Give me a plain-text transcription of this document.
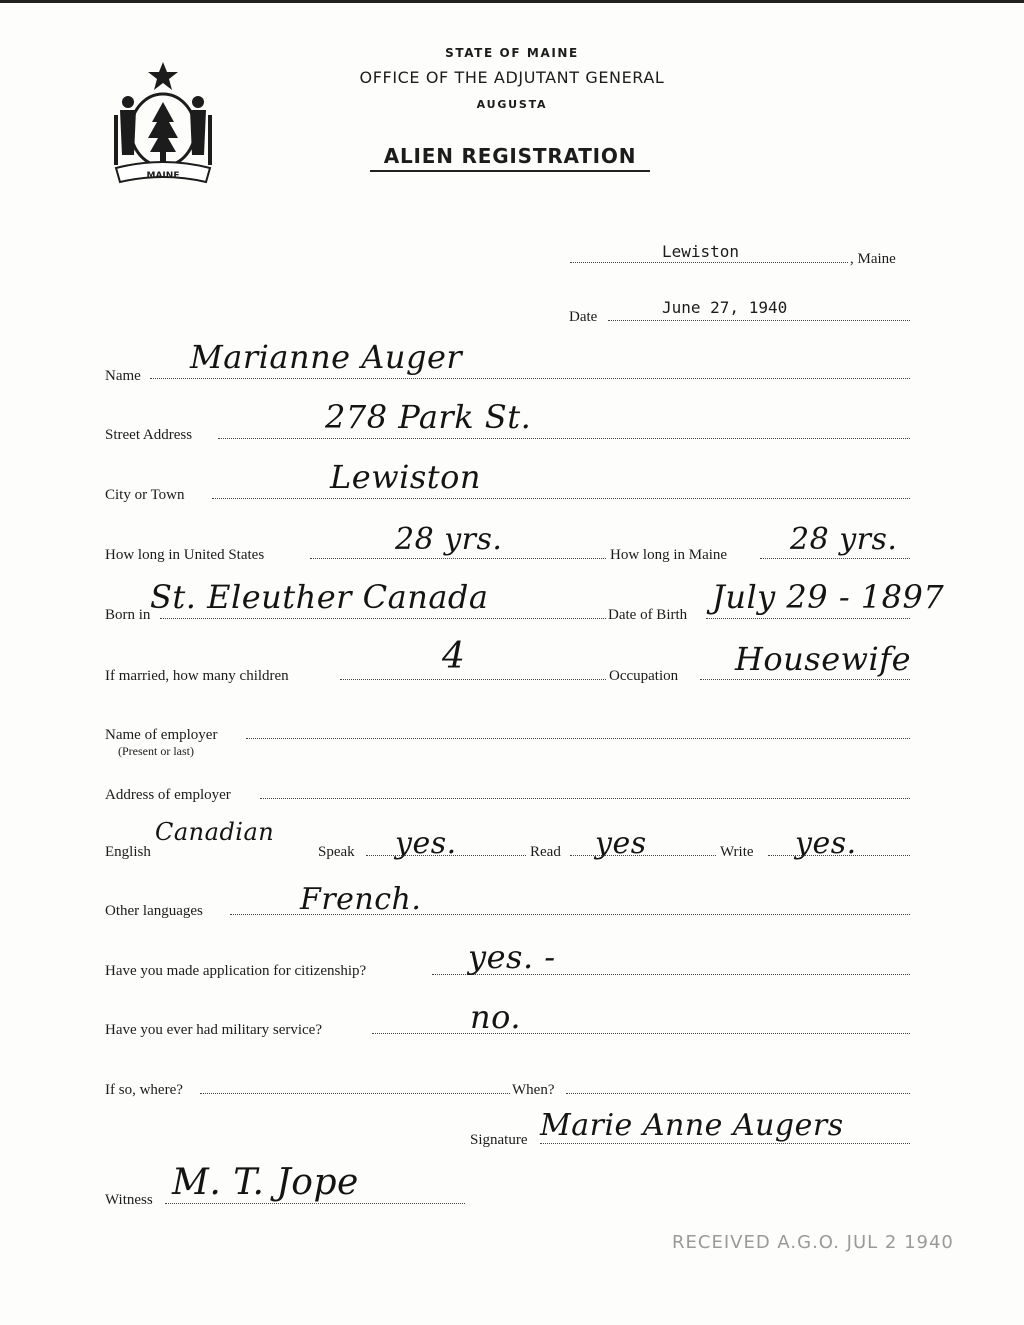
MAINE
STATE OF MAINE
OFFICE OF THE ADJUTANT GENERAL
AUGUSTA
ALIEN REGISTRATION
Lewiston	, Maine
Date	June 27, 1940
Name Marianne Auger
Street Address	278 Park St.
City or Town	Lewiston
How long in United States	28 yrs.	How long in Maine 28 yrs.
Born in St. Eleuther Canada	Date of Birth July 29 - 1897
If married, how many children	4	Occupation Housewife
Name of employer
(Present or last)
Address of employer
English
Canadian
Speak yes.	Read yes	Write yes.
Other languages	French.
Have you made application for citizenship?	yes. -
Have you ever had military service?	no.
If so, where?	When?
Signature Marie Anne Augers
Witness M. T. Jope
RECEIVED A.G.O. JUL 2 1940
